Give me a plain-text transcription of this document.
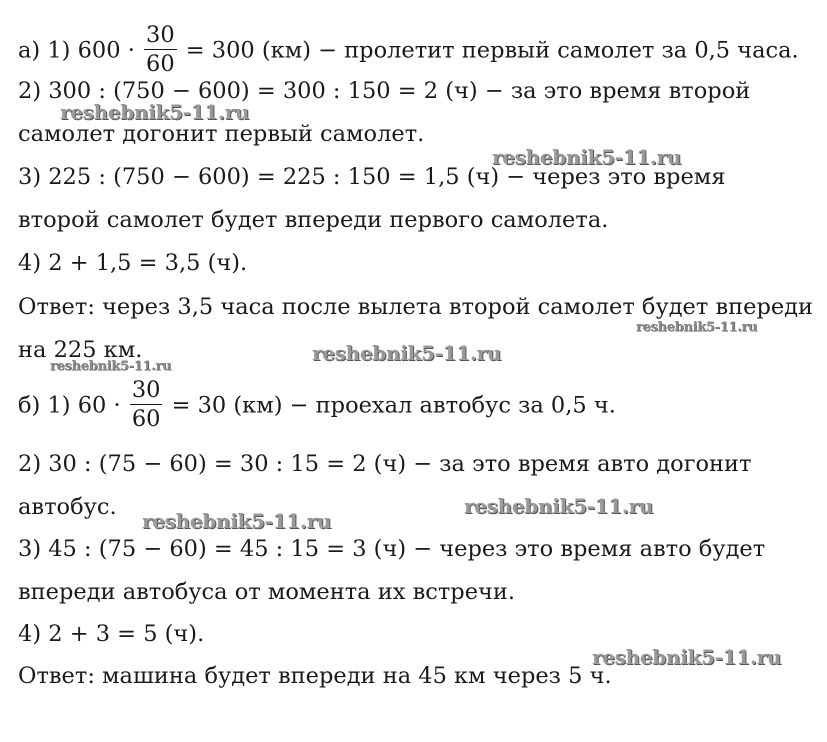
а) 1) $600 \cdot \frac{30}{60} = 300$ (км) − пролетит первый самолет за 0,5 часа.
2) 300 : (750 − 600) = 300 : 150 = 2 (ч) − за это время второй
самолет догонит первый самолет.
3) 225 : (750 − 600) = 225 : 150 = 1,5 (ч) − через это время
второй самолет будет впереди первого самолета.
4) 2 + 1,5 = 3,5 (ч).
Ответ: через 3,5 часа после вылета второй самолет будет впереди
на 225 км.
б) 1) $60 \cdot \frac{30}{60} = 30$ (км) − проехал автобус за 0,5 ч.
2) 30 : (75 − 60) = 30 : 15 = 2 (ч) − за это время авто догонит
автобус.
3) 45 : (75 − 60) = 45 : 15 = 3 (ч) − через это время авто будет
впереди автобуса от момента их встречи.
4) 2 + 3 = 5 (ч).
Ответ: машина будет впереди на 45 км через 5 ч.
reshebnik5-11.ru
reshebnik5-11.ru
reshebnik5-11.ru
reshebnik5-11.ru
reshebnik5-11.ru
reshebnik5-11.ru
reshebnik5-11.ru
reshebnik5-11.ru
